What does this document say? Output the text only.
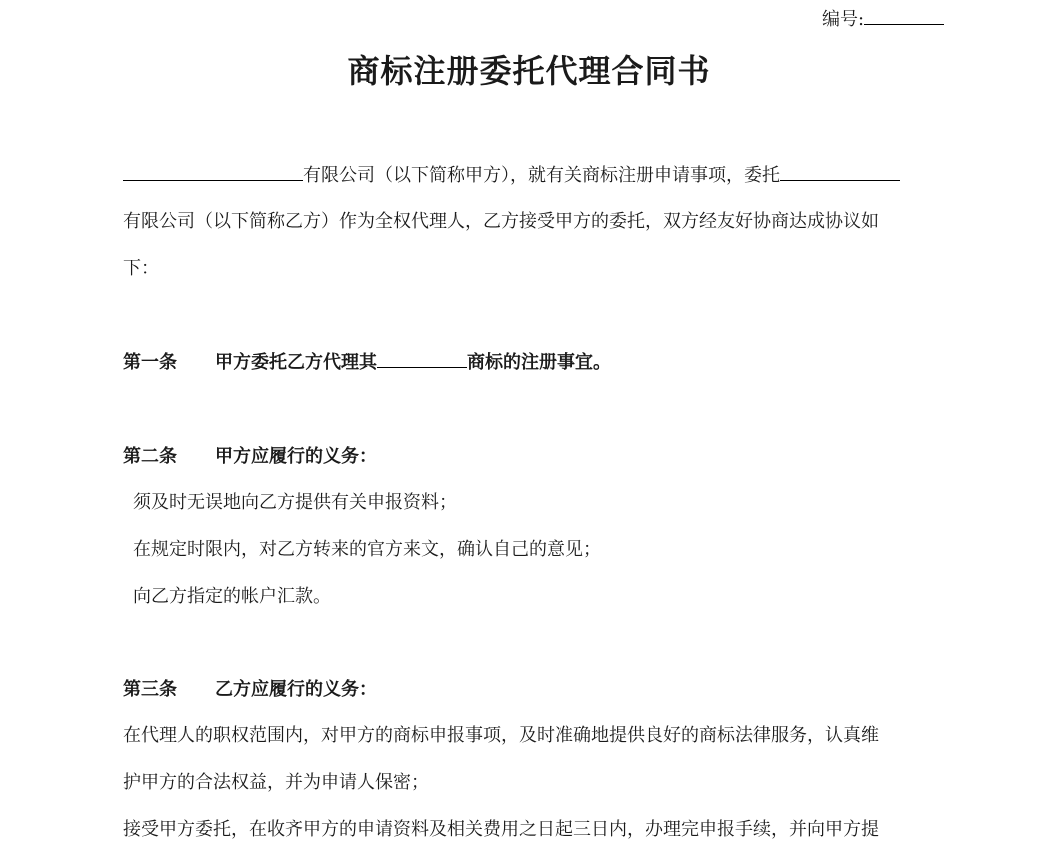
编号:
商标注册委托代理合同书
有限公司（以下简称甲方），就有关商标注册申请事项，委托
有限公司（以下简称乙方）作为全权代理人，乙方接受甲方的委托，双方经友好协商达成协议如
下：
第一条 甲方委托乙方代理其	商标的注册事宜。
第二条 甲方应履行的义务：
须及时无误地向乙方提供有关申报资料；
在规定时限内，对乙方转来的官方来文，确认自己的意见；
向乙方指定的帐户汇款。
第三条 乙方应履行的义务：
在代理人的职权范围内，对甲方的商标申报事项，及时准确地提供良好的商标法律服务，认真维
护甲方的合法权益，并为申请人保密；
接受甲方委托，在收齐甲方的申请资料及相关费用之日起三日内，办理完申报手续，并向甲方提
